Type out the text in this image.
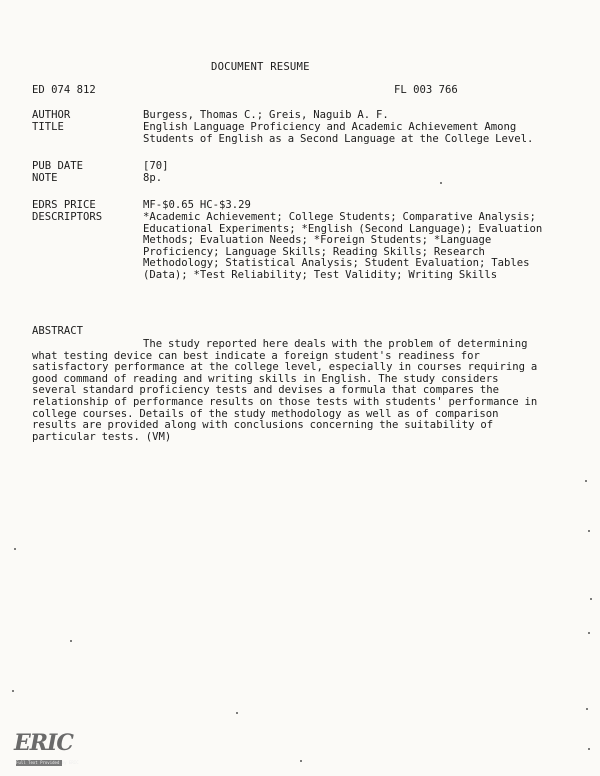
DOCUMENT RESUME
ED 074 812	FL 003 766
AUTHOR	Burgess, Thomas C.; Greis, Naguib A. F.
TITLE	English Language Proficiency and Academic Achievement Among Students of English as a Second Language at the College Level.
PUB DATE	[70]
NOTE	8p.
EDRS PRICE	MF-$0.65 HC-$3.29
DESCRIPTORS	*Academic Achievement; College Students; Comparative Analysis; Educational Experiments; *English (Second Language); Evaluation Methods; Evaluation Needs; *Foreign Students; *Language Proficiency; Language Skills; Reading Skills; Research Methodology; Statistical Analysis; Student Evaluation; Tables (Data); *Test Reliability; Test Validity; Writing Skills
ABSTRACT
The study reported here deals with the problem of determining what testing device can best indicate a foreign student's readiness for satisfactory performance at the college level, especially in courses requiring a good command of reading and writing skills in English. The study considers several standard proficiency tests and devises a formula that compares the relationship of performance results on those tests with students' performance in college courses. Details of the study methodology as well as of comparison results are provided along with conclusions concerning the suitability of particular tests. (VM)
ERIC
Full Text Provided by ERIC
